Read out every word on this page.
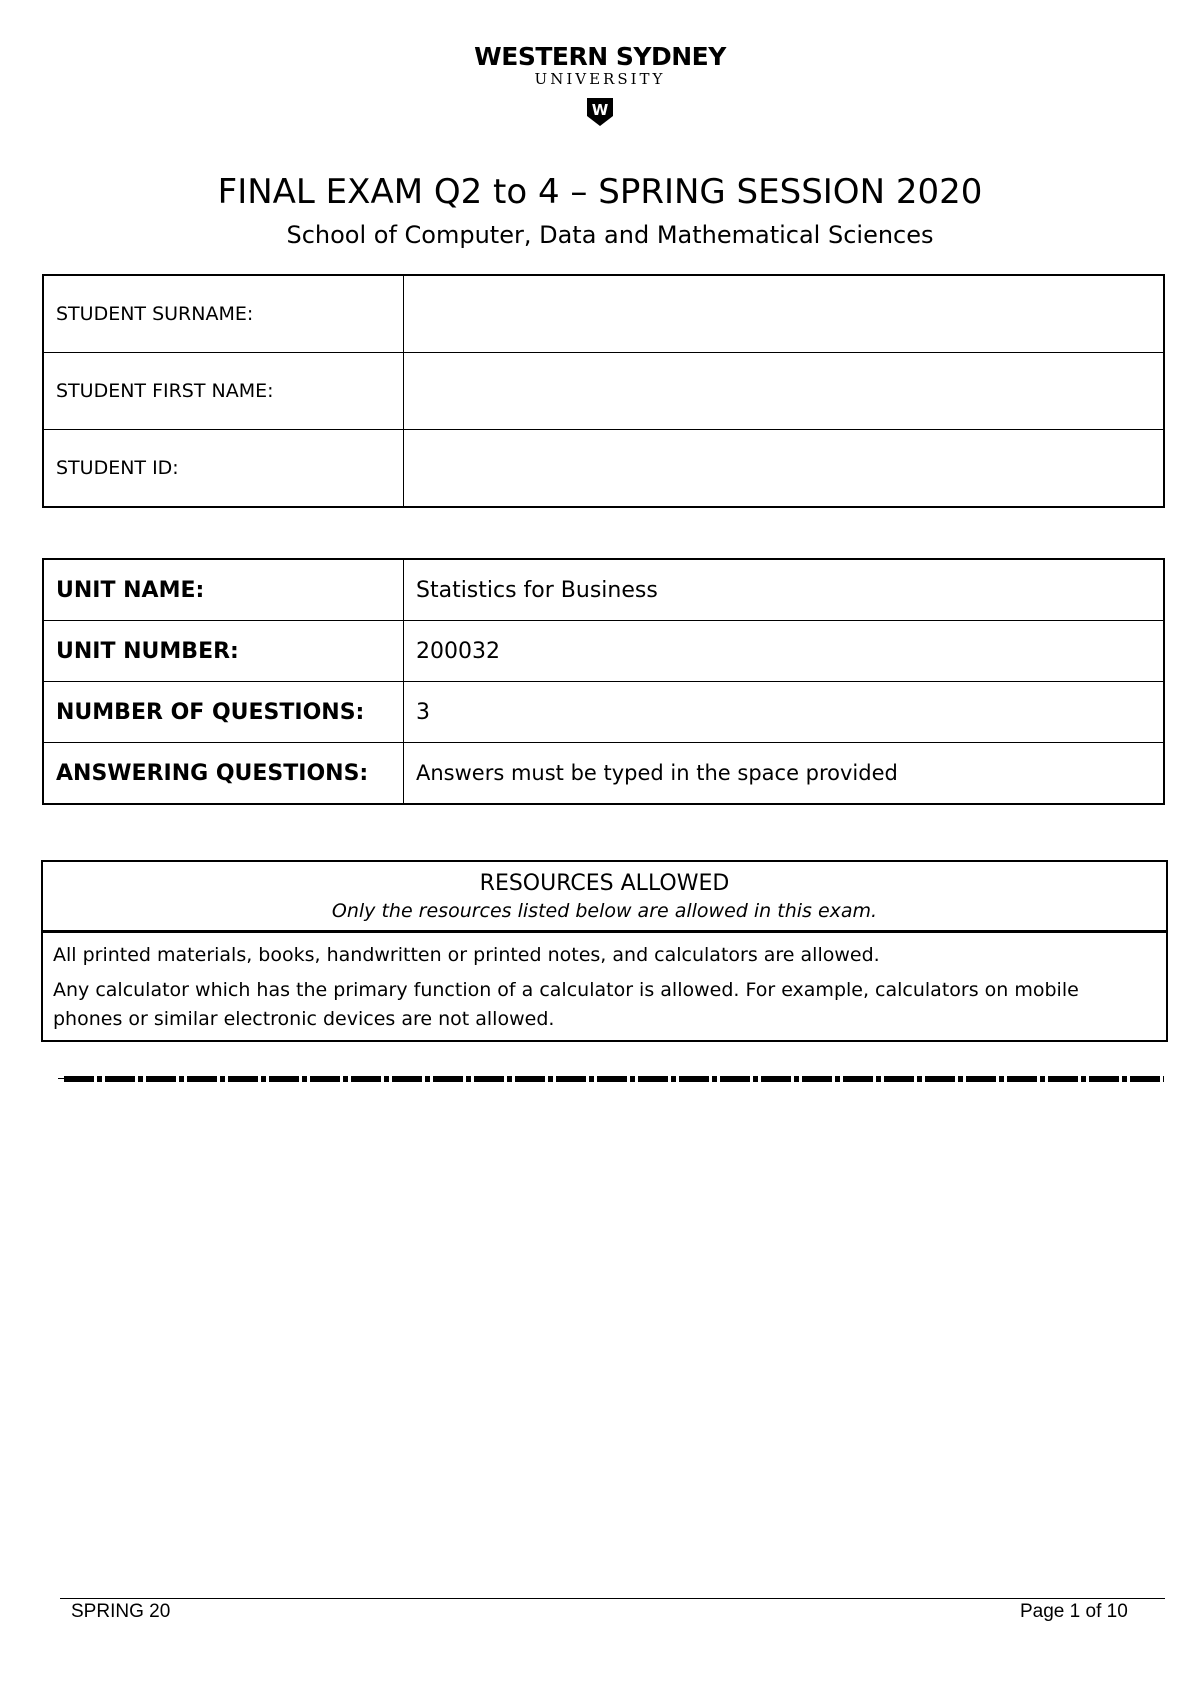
WESTERN SYDNEY
UNIVERSITY
W
FINAL EXAM Q2 to 4 – SPRING SESSION 2020
School of Computer, Data and Mathematical Sciences
STUDENT SURNAME:	
STUDENT FIRST NAME:	
STUDENT ID:	
UNIT NAME:	Statistics for Business
UNIT NUMBER:	200032
NUMBER OF QUESTIONS:	3
ANSWERING QUESTIONS:	Answers must be typed in the space provided
RESOURCES ALLOWED
Only the resources listed below are allowed in this exam.

All printed materials, books, handwritten or printed notes, and calculators are allowed.

Any calculator which has the primary function of a calculator is allowed. For example, calculators on mobile phones or similar electronic devices are not allowed.

SPRING 20	Page 1 of 10
